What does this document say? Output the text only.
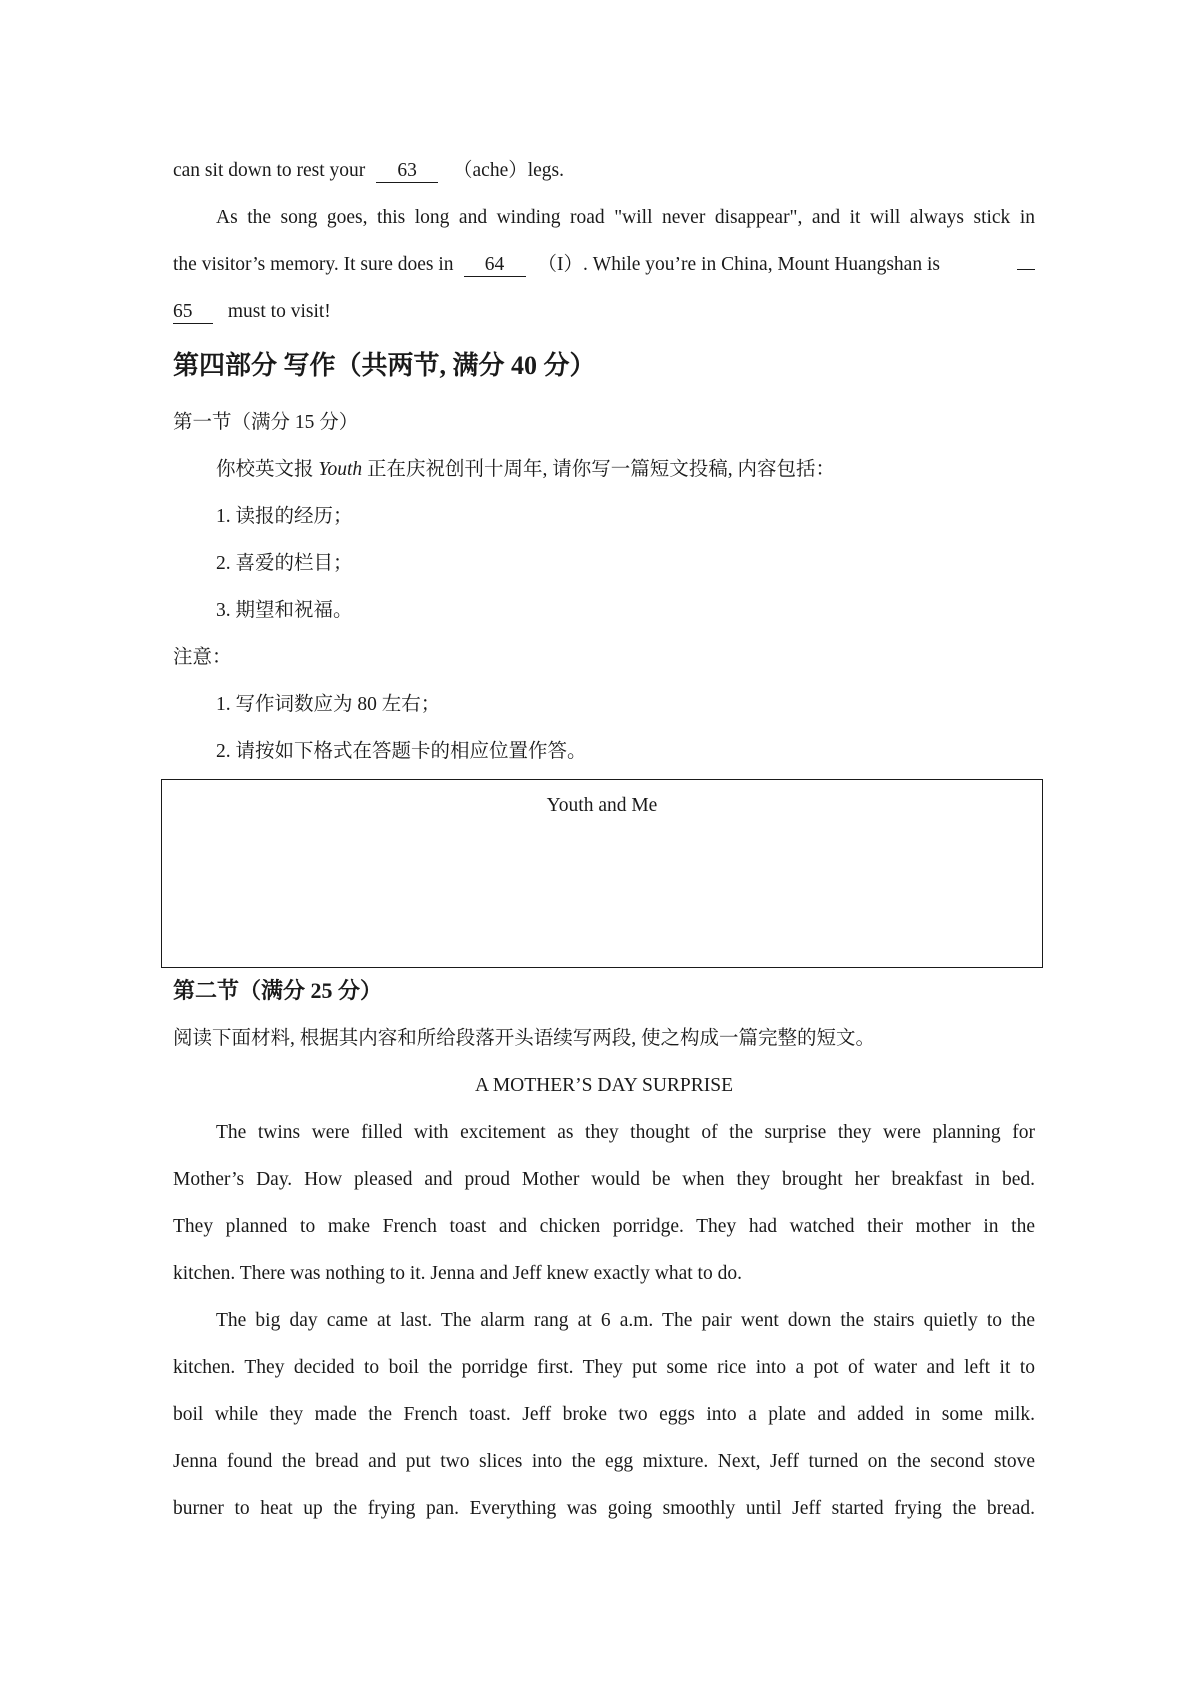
can sit down to rest your 63 （ache）legs.
As the song goes, this long and winding road "will never disappear", and it will always stick in
the visitor’s memory. It sure does in	64	（I）. While you’re in China, Mount Huangshan is
65 must to visit!
第四部分 写作（共两节, 满分 40 分）
第一节（满分 15 分）
你校英文报 Youth 正在庆祝创刊十周年, 请你写一篇短文投稿, 内容包括：
1. 读报的经历；
2. 喜爱的栏目；
3. 期望和祝福。
注意：
1. 写作词数应为 80 左右；
2. 请按如下格式在答题卡的相应位置作答。
Youth and Me
第二节（满分 25 分）
阅读下面材料, 根据其内容和所给段落开头语续写两段, 使之构成一篇完整的短文。
A MOTHER’S DAY SURPRISE
The twins were filled with excitement as they thought of the surprise they were planning for
Mother’s Day. How pleased and proud Mother would be when they brought her breakfast in bed.
They planned to make French toast and chicken porridge. They had watched their mother in the
kitchen. There was nothing to it. Jenna and Jeff knew exactly what to do.
The big day came at last. The alarm rang at 6 a.m. The pair went down the stairs quietly to the
kitchen. They decided to boil the porridge first. They put some rice into a pot of water and left it to
boil while they made the French toast. Jeff broke two eggs into a plate and added in some milk.
Jenna found the bread and put two slices into the egg mixture. Next, Jeff turned on the second stove
burner to heat up the frying pan. Everything was going smoothly until Jeff started frying the bread.
